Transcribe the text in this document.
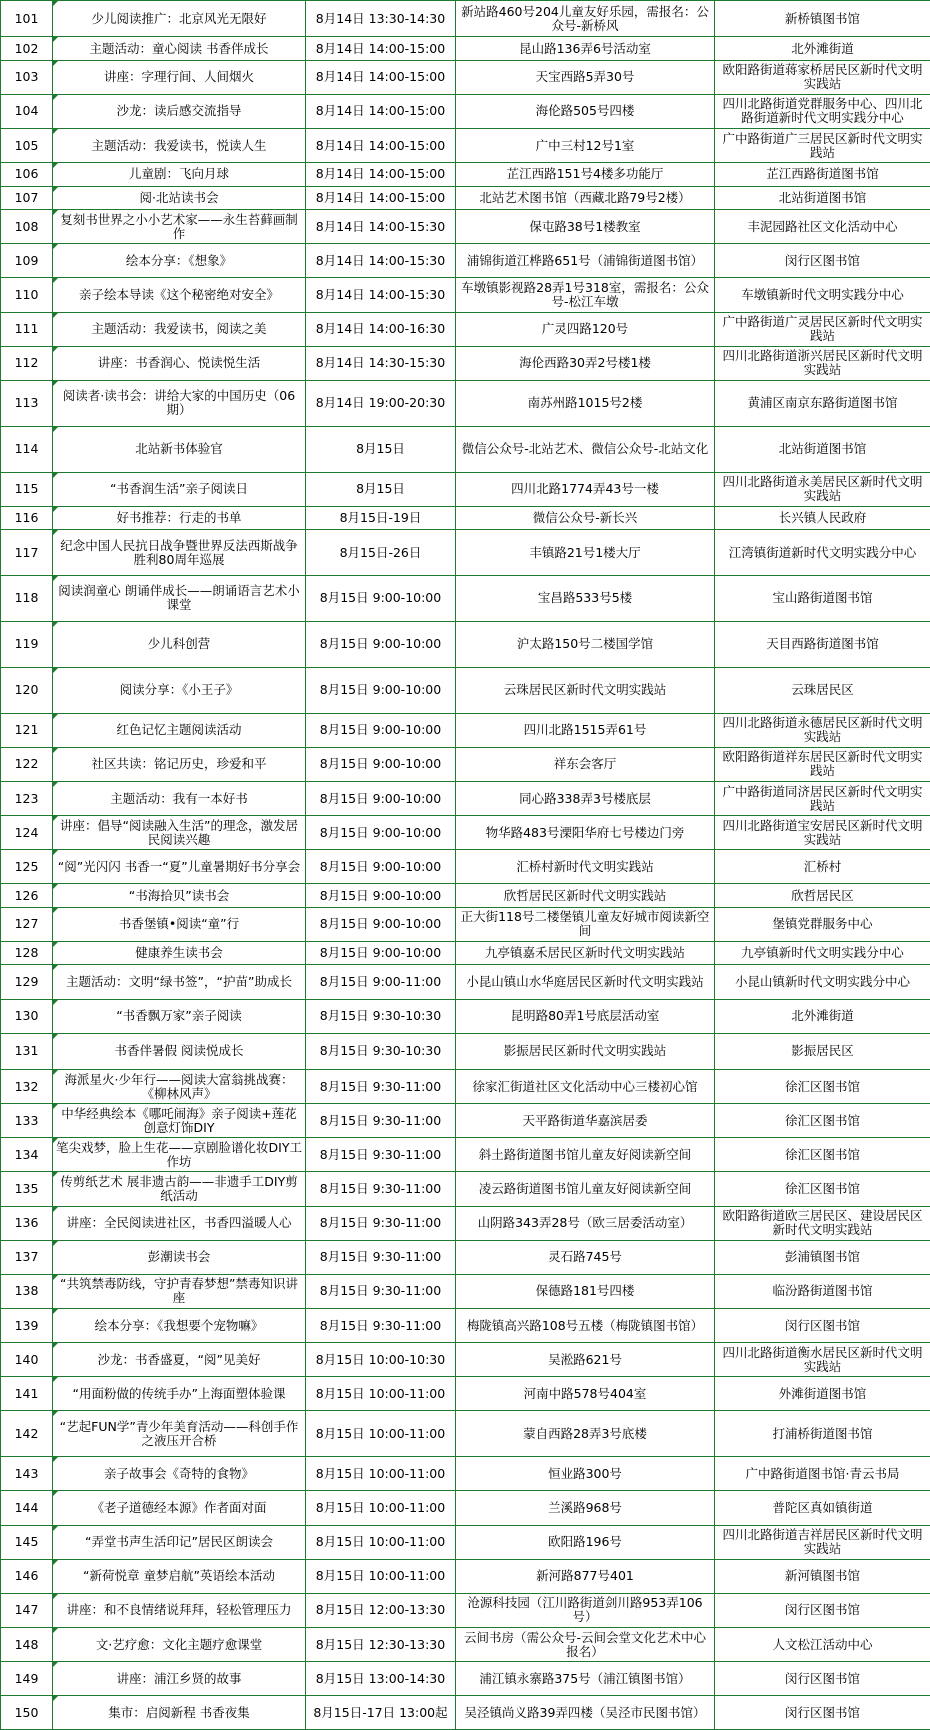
101	少儿阅读推广：北京风光无限好	8月14日 13:30-14:30	新站路460号204儿童友好乐园，需报名：公众号-新桥风	新桥镇图书馆
102	主题活动：童心阅读 书香伴成长	8月14日 14:00-15:00	昆山路136弄6号活动室	北外滩街道
103	讲座：字理行间、人间烟火	8月14日 14:00-15:00	天宝西路5弄30号	欧阳路街道蒋家桥居民区新时代文明实践站
104	沙龙：读后感交流指导	8月14日 14:00-15:00	海伦路505号四楼	四川北路街道党群服务中心、四川北路街道新时代文明实践分中心
105	主题活动：我爱读书，悦读人生	8月14日 14:00-15:00	广中三村12号1室	广中路街道广三居民区新时代文明实践站
106	儿童剧：飞向月球	8月14日 14:00-15:00	芷江西路151号4楼多功能厅	芷江西路街道图书馆
107	阅·北站读书会	8月14日 14:00-15:00	北站艺术图书馆（西藏北路79号2楼）	北站街道图书馆
108	复刻书世界之小小艺术家——永生苔藓画制作	8月14日 14:00-15:30	保屯路38号1楼教室	丰泥园路社区文化活动中心
109	绘本分享：《想象》	8月14日 14:00-15:30	浦锦街道江桦路651号（浦锦街道图书馆）	闵行区图书馆
110	亲子绘本导读《这个秘密绝对安全》	8月14日 14:00-15:30	车墩镇影视路28弄1号318室，需报名：公众号-松江车墩	车墩镇新时代文明实践分中心
111	主题活动：我爱读书，阅读之美	8月14日 14:00-16:30	广灵四路120号	广中路街道广灵居民区新时代文明实践站
112	讲座：书香润心、悦读悦生活	8月14日 14:30-15:30	海伦西路30弄2号楼1楼	四川北路街道浙兴居民区新时代文明实践站
113	阅读者·读书会：讲给大家的中国历史（06期）	8月14日 19:00-20:30	南苏州路1015号2楼	黄浦区南京东路街道图书馆
114	北站新书体验官	8月15日	微信公众号-北站艺术、微信公众号-北站文化	北站街道图书馆
115	“书香润生活”亲子阅读日	8月15日	四川北路1774弄43号一楼	四川北路街道永美居民区新时代文明实践站
116	好书推荐：行走的书单	8月15日-19日	微信公众号-新长兴	长兴镇人民政府
117	纪念中国人民抗日战争暨世界反法西斯战争胜利80周年巡展	8月15日-26日	丰镇路21号1楼大厅	江湾镇街道新时代文明实践分中心
118	阅读润童心 朗诵伴成长——朗诵语言艺术小课堂	8月15日 9:00-10:00	宝昌路533号5楼	宝山路街道图书馆
119	少儿科创营	8月15日 9:00-10:00	沪太路150号二楼国学馆	天目西路街道图书馆
120	阅读分享：《小王子》	8月15日 9:00-10:00	云珠居民区新时代文明实践站	云珠居民区
121	红色记忆主题阅读活动	8月15日 9:00-10:00	四川北路1515弄61号	四川北路街道永德居民区新时代文明实践站
122	社区共读：铭记历史，珍爱和平	8月15日 9:00-10:00	祥东会客厅	欧阳路街道祥东居民区新时代文明实践站
123	主题活动：我有一本好书	8月15日 9:00-10:00	同心路338弄3号楼底层	广中路街道同济居民区新时代文明实践站
124	讲座：倡导“阅读融入生活”的理念，激发居民阅读兴趣	8月15日 9:00-10:00	物华路483号溧阳华府七号楼边门旁	四川北路街道宝安居民区新时代文明实践站
125	“阅”光闪闪 书香一“夏”儿童暑期好书分享会	8月15日 9:00-10:00	汇桥村新时代文明实践站	汇桥村
126	“书海拾贝”读书会	8月15日 9:00-10:00	欣哲居民区新时代文明实践站	欣哲居民区
127	书香堡镇•阅读“童”行	8月15日 9:00-10:00	正大街118号二楼堡镇儿童友好城市阅读新空间	堡镇党群服务中心
128	健康养生读书会	8月15日 9:00-10:00	九亭镇嘉禾居民区新时代文明实践站	九亭镇新时代文明实践分中心
129	主题活动：文明“绿书签”，“护苗”助成长	8月15日 9:00-11:00	小昆山镇山水华庭居民区新时代文明实践站	小昆山镇新时代文明实践分中心
130	“书香飘万家”亲子阅读	8月15日 9:30-10:30	昆明路80弄1号底层活动室	北外滩街道
131	书香伴暑假 阅读悦成长	8月15日 9:30-10:30	影振居民区新时代文明实践站	影振居民区
132	海派星火·少年行——阅读大富翁挑战赛：《柳林风声》	8月15日 9:30-11:00	徐家汇街道社区文化活动中心三楼初心馆	徐汇区图书馆
133	中华经典绘本《哪吒闹海》亲子阅读+莲花创意灯饰DIY	8月15日 9:30-11:00	天平路街道华嘉滨居委	徐汇区图书馆
134	笔尖戏梦，脸上生花——京剧脸谱化妆DIY工作坊	8月15日 9:30-11:00	斜土路街道图书馆儿童友好阅读新空间	徐汇区图书馆
135	传剪纸艺术 展非遗古韵——非遗手工DIY剪纸活动	8月15日 9:30-11:00	凌云路街道图书馆儿童友好阅读新空间	徐汇区图书馆
136	讲座：全民阅读进社区，书香四溢暖人心	8月15日 9:30-11:00	山阴路343弄28号（欧三居委活动室）	欧阳路街道欧三居民区、建设居民区新时代文明实践站
137	彭潮读书会	8月15日 9:30-11:00	灵石路745号	彭浦镇图书馆
138	“共筑禁毒防线，守护青春梦想”禁毒知识讲座	8月15日 9:30-11:00	保德路181号四楼	临汾路街道图书馆
139	绘本分享：《我想要个宠物嘛》	8月15日 9:30-11:00	梅陇镇高兴路108号五楼（梅陇镇图书馆）	闵行区图书馆
140	沙龙：书香盛夏，“阅”见美好	8月15日 10:00-10:30	吴淞路621号	四川北路街道衡水居民区新时代文明实践站
141	“用面粉做的传统手办”上海面塑体验课	8月15日 10:00-11:00	河南中路578号404室	外滩街道图书馆
142	“艺起FUN学”青少年美育活动——科创手作之液压开合桥	8月15日 10:00-11:00	蒙自西路28弄3号底楼	打浦桥街道图书馆
143	亲子故事会《奇特的食物》	8月15日 10:00-11:00	恒业路300号	广中路街道图书馆·青云书局
144	《老子道德经本源》作者面对面	8月15日 10:00-11:00	兰溪路968号	普陀区真如镇街道
145	“弄堂书声生活印记”居民区朗读会	8月15日 10:00-11:00	欧阳路196号	四川北路街道吉祥居民区新时代文明实践站
146	“新荷悦章 童梦启航”英语绘本活动	8月15日 10:00-11:00	新河路877号401	新河镇图书馆
147	讲座：和不良情绪说拜拜，轻松管理压力	8月15日 12:00-13:30	沧源科技园（江川路街道剑川路953弄106号）	闵行区图书馆
148	文·艺疗愈：文化主题疗愈课堂	8月15日 12:30-13:30	云间书房（需公众号-云间会堂文化艺术中心报名）	人文松江活动中心
149	讲座：浦江乡贤的故事	8月15日 13:00-14:30	浦江镇永寨路375号（浦江镇图书馆）	闵行区图书馆
150	集市：启阅新程 书香夜集	8月15日-17日 13:00起	吴泾镇尚义路39弄四楼（吴泾市民图书馆）	闵行区图书馆
